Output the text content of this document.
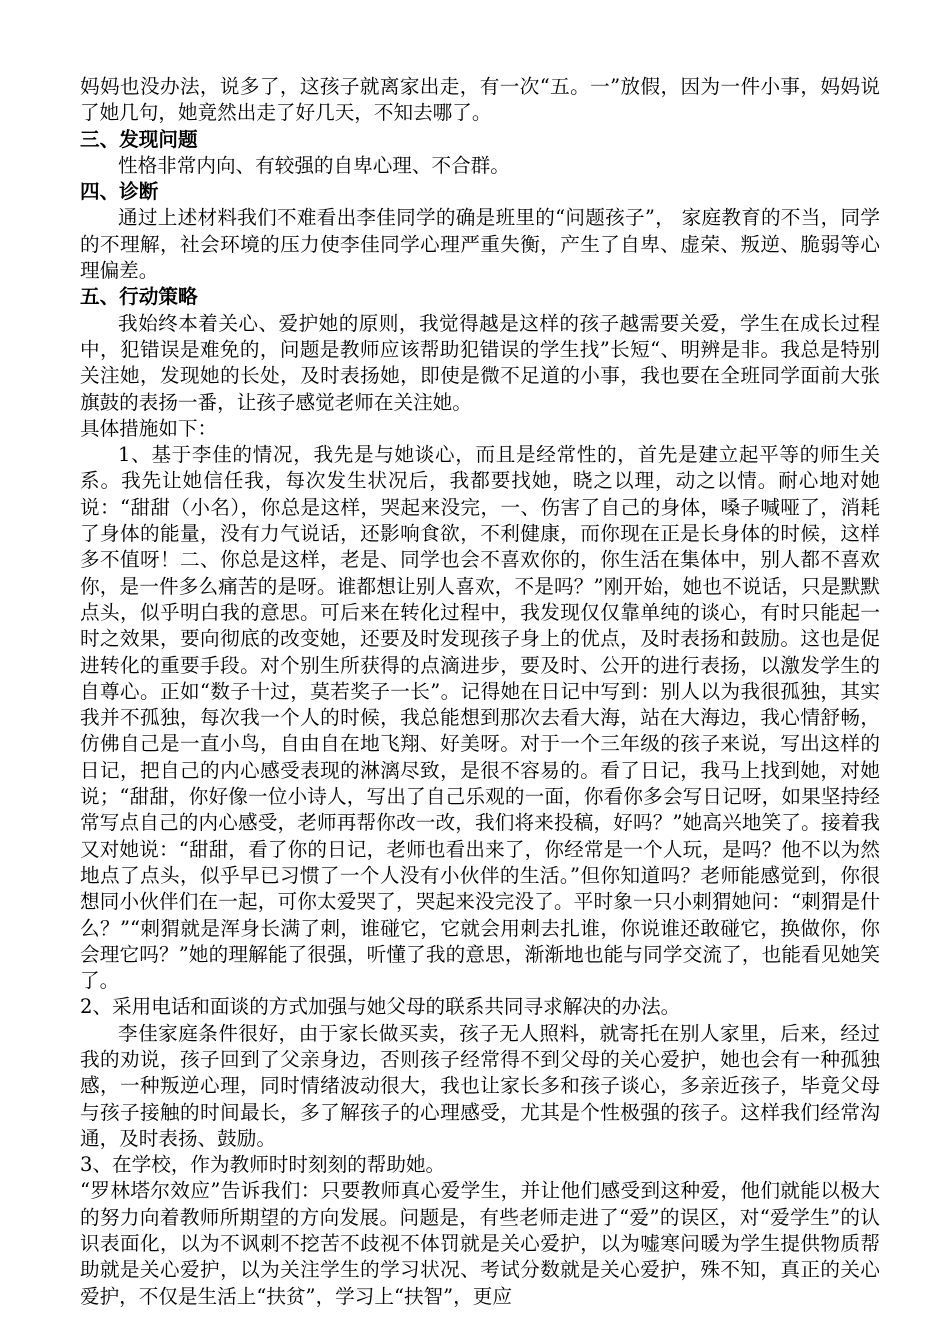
妈妈也没办法，说多了，这孩子就离家出走，有一次“五。一”放假，因为一件小事，妈妈说了她几句，她竟然出走了好几天，不知去哪了。

三、发现问题

性格非常内向、有较强的自卑心理、不合群。

四、诊断

通过上述材料我们不难看出李佳同学的确是班里的“问题孩子”， 家庭教育的不当，同学的不理解，社会环境的压力使李佳同学心理严重失衡，产生了自卑、虚荣、叛逆、脆弱等心理偏差。

五、行动策略

我始终本着关心、爱护她的原则，我觉得越是这样的孩子越需要关爱，学生在成长过程中，犯错误是难免的，问题是教师应该帮助犯错误的学生找”长短“、明辨是非。我总是特别关注她，发现她的长处，及时表扬她，即使是微不足道的小事，我也要在全班同学面前大张旗鼓的表扬一番，让孩子感觉老师在关注她。

具体措施如下：

1、基于李佳的情况，我先是与她谈心，而且是经常性的，首先是建立起平等的师生关系。我先让她信任我，每次发生状况后，我都要找她，晓之以理，动之以情。耐心地对她说：“甜甜（小名），你总是这样，哭起来没完，一、伤害了自己的身体，嗓子喊哑了，消耗了身体的能量，没有力气说话，还影响食欲，不利健康，而你现在正是长身体的时候，这样多不值呀！二、你总是这样，老是、同学也会不喜欢你的，你生活在集体中，别人都不喜欢你，是一件多么痛苦的是呀。谁都想让别人喜欢，不是吗？”刚开始，她也不说话，只是默默点头，似乎明白我的意思。可后来在转化过程中，我发现仅仅靠单纯的谈心，有时只能起一时之效果，要向彻底的改变她，还要及时发现孩子身上的优点，及时表扬和鼓励。这也是促进转化的重要手段。对个别生所获得的点滴进步，要及时、公开的进行表扬，以激发学生的自尊心。正如“数子十过，莫若奖子一长”。记得她在日记中写到：别人以为我很孤独，其实我并不孤独，每次我一个人的时候，我总能想到那次去看大海，站在大海边，我心情舒畅，仿佛自己是一直小鸟，自由自在地飞翔、好美呀。对于一个三年级的孩子来说，写出这样的日记，把自己的内心感受表现的淋漓尽致，是很不容易的。看了日记，我马上找到她，对她说；“甜甜，你好像一位小诗人，写出了自己乐观的一面，你看你多会写日记呀，如果坚持经常写点自己的内心感受，老师再帮你改一改，我们将来投稿，好吗？”她高兴地笑了。接着我又对她说：“甜甜，看了你的日记，老师也看出来了，你经常是一个人玩，是吗？他不以为然地点了点头，似乎早已习惯了一个人没有小伙伴的生活。”但你知道吗？老师能感觉到，你很想同小伙伴们在一起，可你太爱哭了，哭起来没完没了。平时象一只小刺猬她问：“刺猬是什么？”“刺猬就是浑身长满了刺，谁碰它，它就会用刺去扎谁，你说谁还敢碰它，换做你，你会理它吗？”她的理解能了很强，听懂了我的意思，渐渐地也能与同学交流了，也能看见她笑了。

2、采用电话和面谈的方式加强与她父母的联系共同寻求解决的办法。

李佳家庭条件很好，由于家长做买卖，孩子无人照料，就寄托在别人家里，后来，经过我的劝说，孩子回到了父亲身边，否则孩子经常得不到父母的关心爱护，她也会有一种孤独感，一种叛逆心理，同时情绪波动很大，我也让家长多和孩子谈心，多亲近孩子，毕竟父母与孩子接触的时间最长，多了解孩子的心理感受，尤其是个性极强的孩子。这样我们经常沟通，及时表扬、鼓励。

3、在学校，作为教师时时刻刻的帮助她。

“罗林塔尔效应”告诉我们：只要教师真心爱学生，并让他们感受到这种爱，他们就能以极大的努力向着教师所期望的方向发展。问题是，有些老师走进了“爱”的误区，对“爱学生”的认识表面化，以为不讽刺不挖苦不歧视不体罚就是关心爱护，以为嘘寒问暖为学生提供物质帮助就是关心爱护，以为关注学生的学习状况、考试分数就是关心爱护，殊不知，真正的关心爱护，不仅是生活上“扶贫”，学习上“扶智”，更应
